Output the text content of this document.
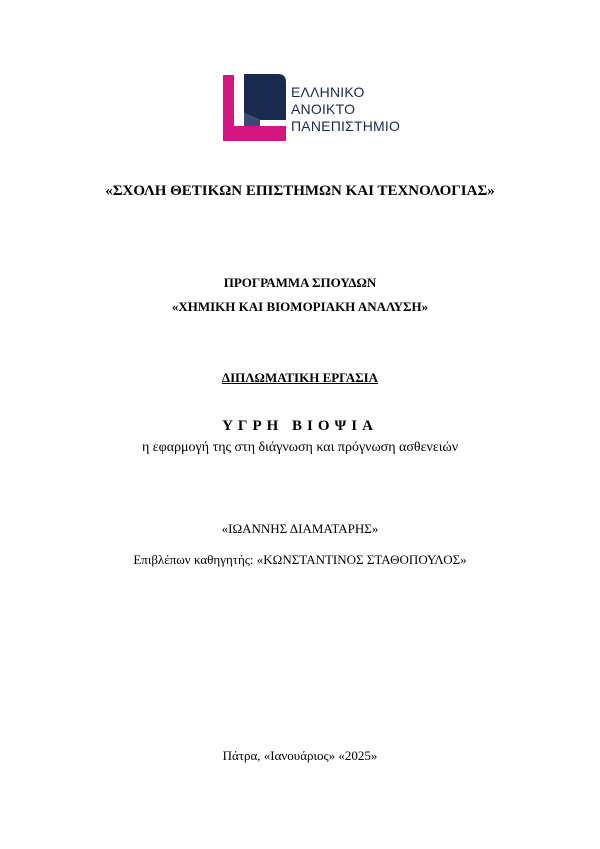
ΕΛΛΗΝΙΚΟ
ΑΝΟΙΚΤΟ
ΠΑΝΕΠΙΣΤΗΜΙΟ
«ΣΧΟΛΗ ΘΕΤΙΚΩΝ ΕΠΙΣΤΗΜΩΝ ΚΑΙ ΤΕΧΝΟΛΟΓΙΑΣ»
ΠΡΟΓΡΑΜΜΑ ΣΠΟΥΔΩΝ
«ΧΗΜΙΚΗ ΚΑΙ ΒΙΟΜΟΡΙΑΚΗ ΑΝΑΛΥΣΗ»
ΔΙΠΛΩΜΑΤΙΚΗ ΕΡΓΑΣΙΑ
ΥΓΡΗ ΒΙΟΨΙΑ
η εφαρμογή της στη διάγνωση και πρόγνωση ασθενειών
«ΙΩΑΝΝΗΣ ΔΙΑΜΑΤΑΡΗΣ»
Επιβλέπων καθηγητής: «ΚΩΝΣΤΑΝΤΙΝΟΣ ΣΤΑΘΟΠΟΥΛΟΣ»
Πάτρα, «Ιανουάριος» «2025»
